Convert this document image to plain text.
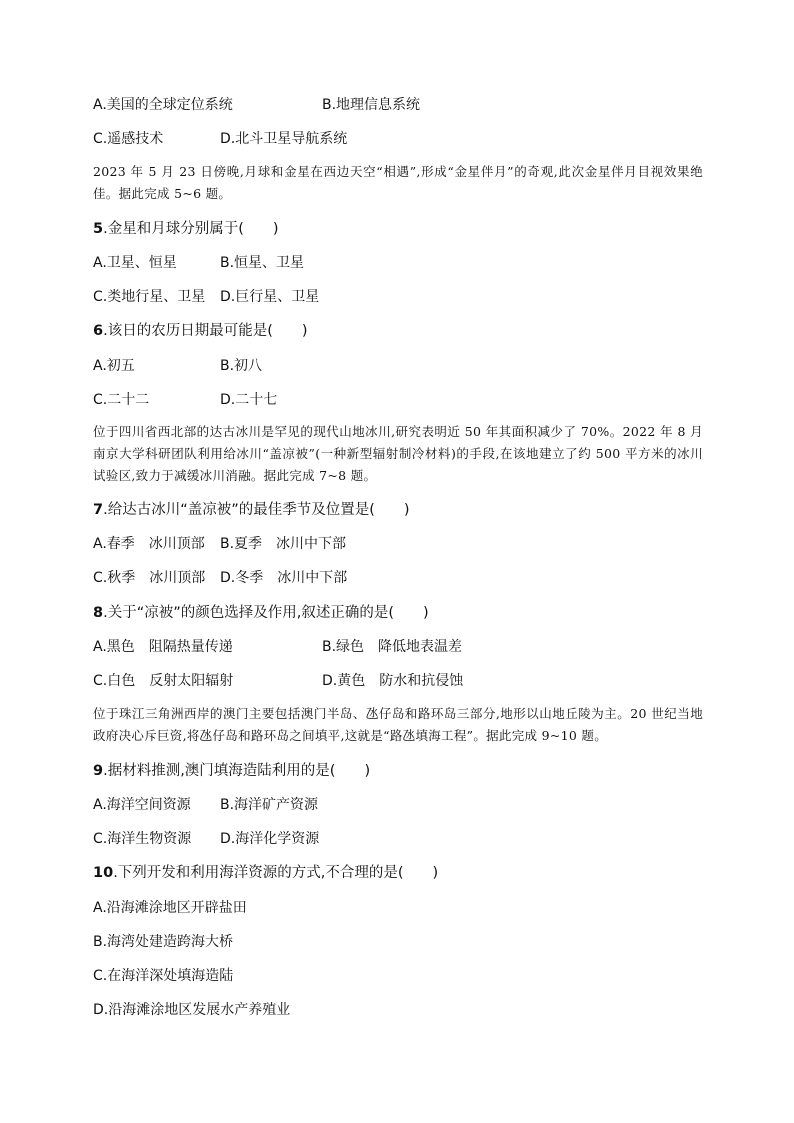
A.美国的全球定位系统	B.地理信息系统
C.遥感技术	D.北斗卫星导航系统
2023 年 5 月 23 日傍晚,月球和金星在西边天空“相遇”,形成“金星伴月”的奇观,此次金星伴月目视效果绝佳。据此完成 5~6 题。
5.金星和月球分别属于(　　)
A.卫星、恒星	B.恒星、卫星
C.类地行星、卫星 D.巨行星、卫星
6.该日的农历日期最可能是(　　)
A.初五	B.初八
C.二十二	D.二十七
位于四川省西北部的达古冰川是罕见的现代山地冰川,研究表明近 50 年其面积减少了 70%。2022 年 8 月南京大学科研团队利用给冰川“盖凉被”(一种新型辐射制冷材料)的手段,在该地建立了约 500 平方米的冰川试验区,致力于减缓冰川消融。据此完成 7~8 题。
7.给达古冰川“盖凉被”的最佳季节及位置是(　　)
A.春季　冰川顶部 B.夏季　冰川中下部
C.秋季　冰川顶部 D.冬季　冰川中下部
8.关于“凉被”的颜色选择及作用,叙述正确的是(　　)
A.黑色　阻隔热量传递	B.绿色　降低地表温差
C.白色　反射太阳辐射	D.黄色　防水和抗侵蚀
位于珠江三角洲西岸的澳门主要包括澳门半岛、氹仔岛和路环岛三部分,地形以山地丘陵为主。20 世纪当地政府决心斥巨资,将氹仔岛和路环岛之间填平,这就是“路氹填海工程”。据此完成 9~10 题。
9.据材料推测,澳门填海造陆利用的是(　　)
A.海洋空间资源 B.海洋矿产资源
C.海洋生物资源 D.海洋化学资源
10.下列开发和利用海洋资源的方式,不合理的是(　　)
A.沿海滩涂地区开辟盐田
B.海湾处建造跨海大桥
C.在海洋深处填海造陆
D.沿海滩涂地区发展水产养殖业
